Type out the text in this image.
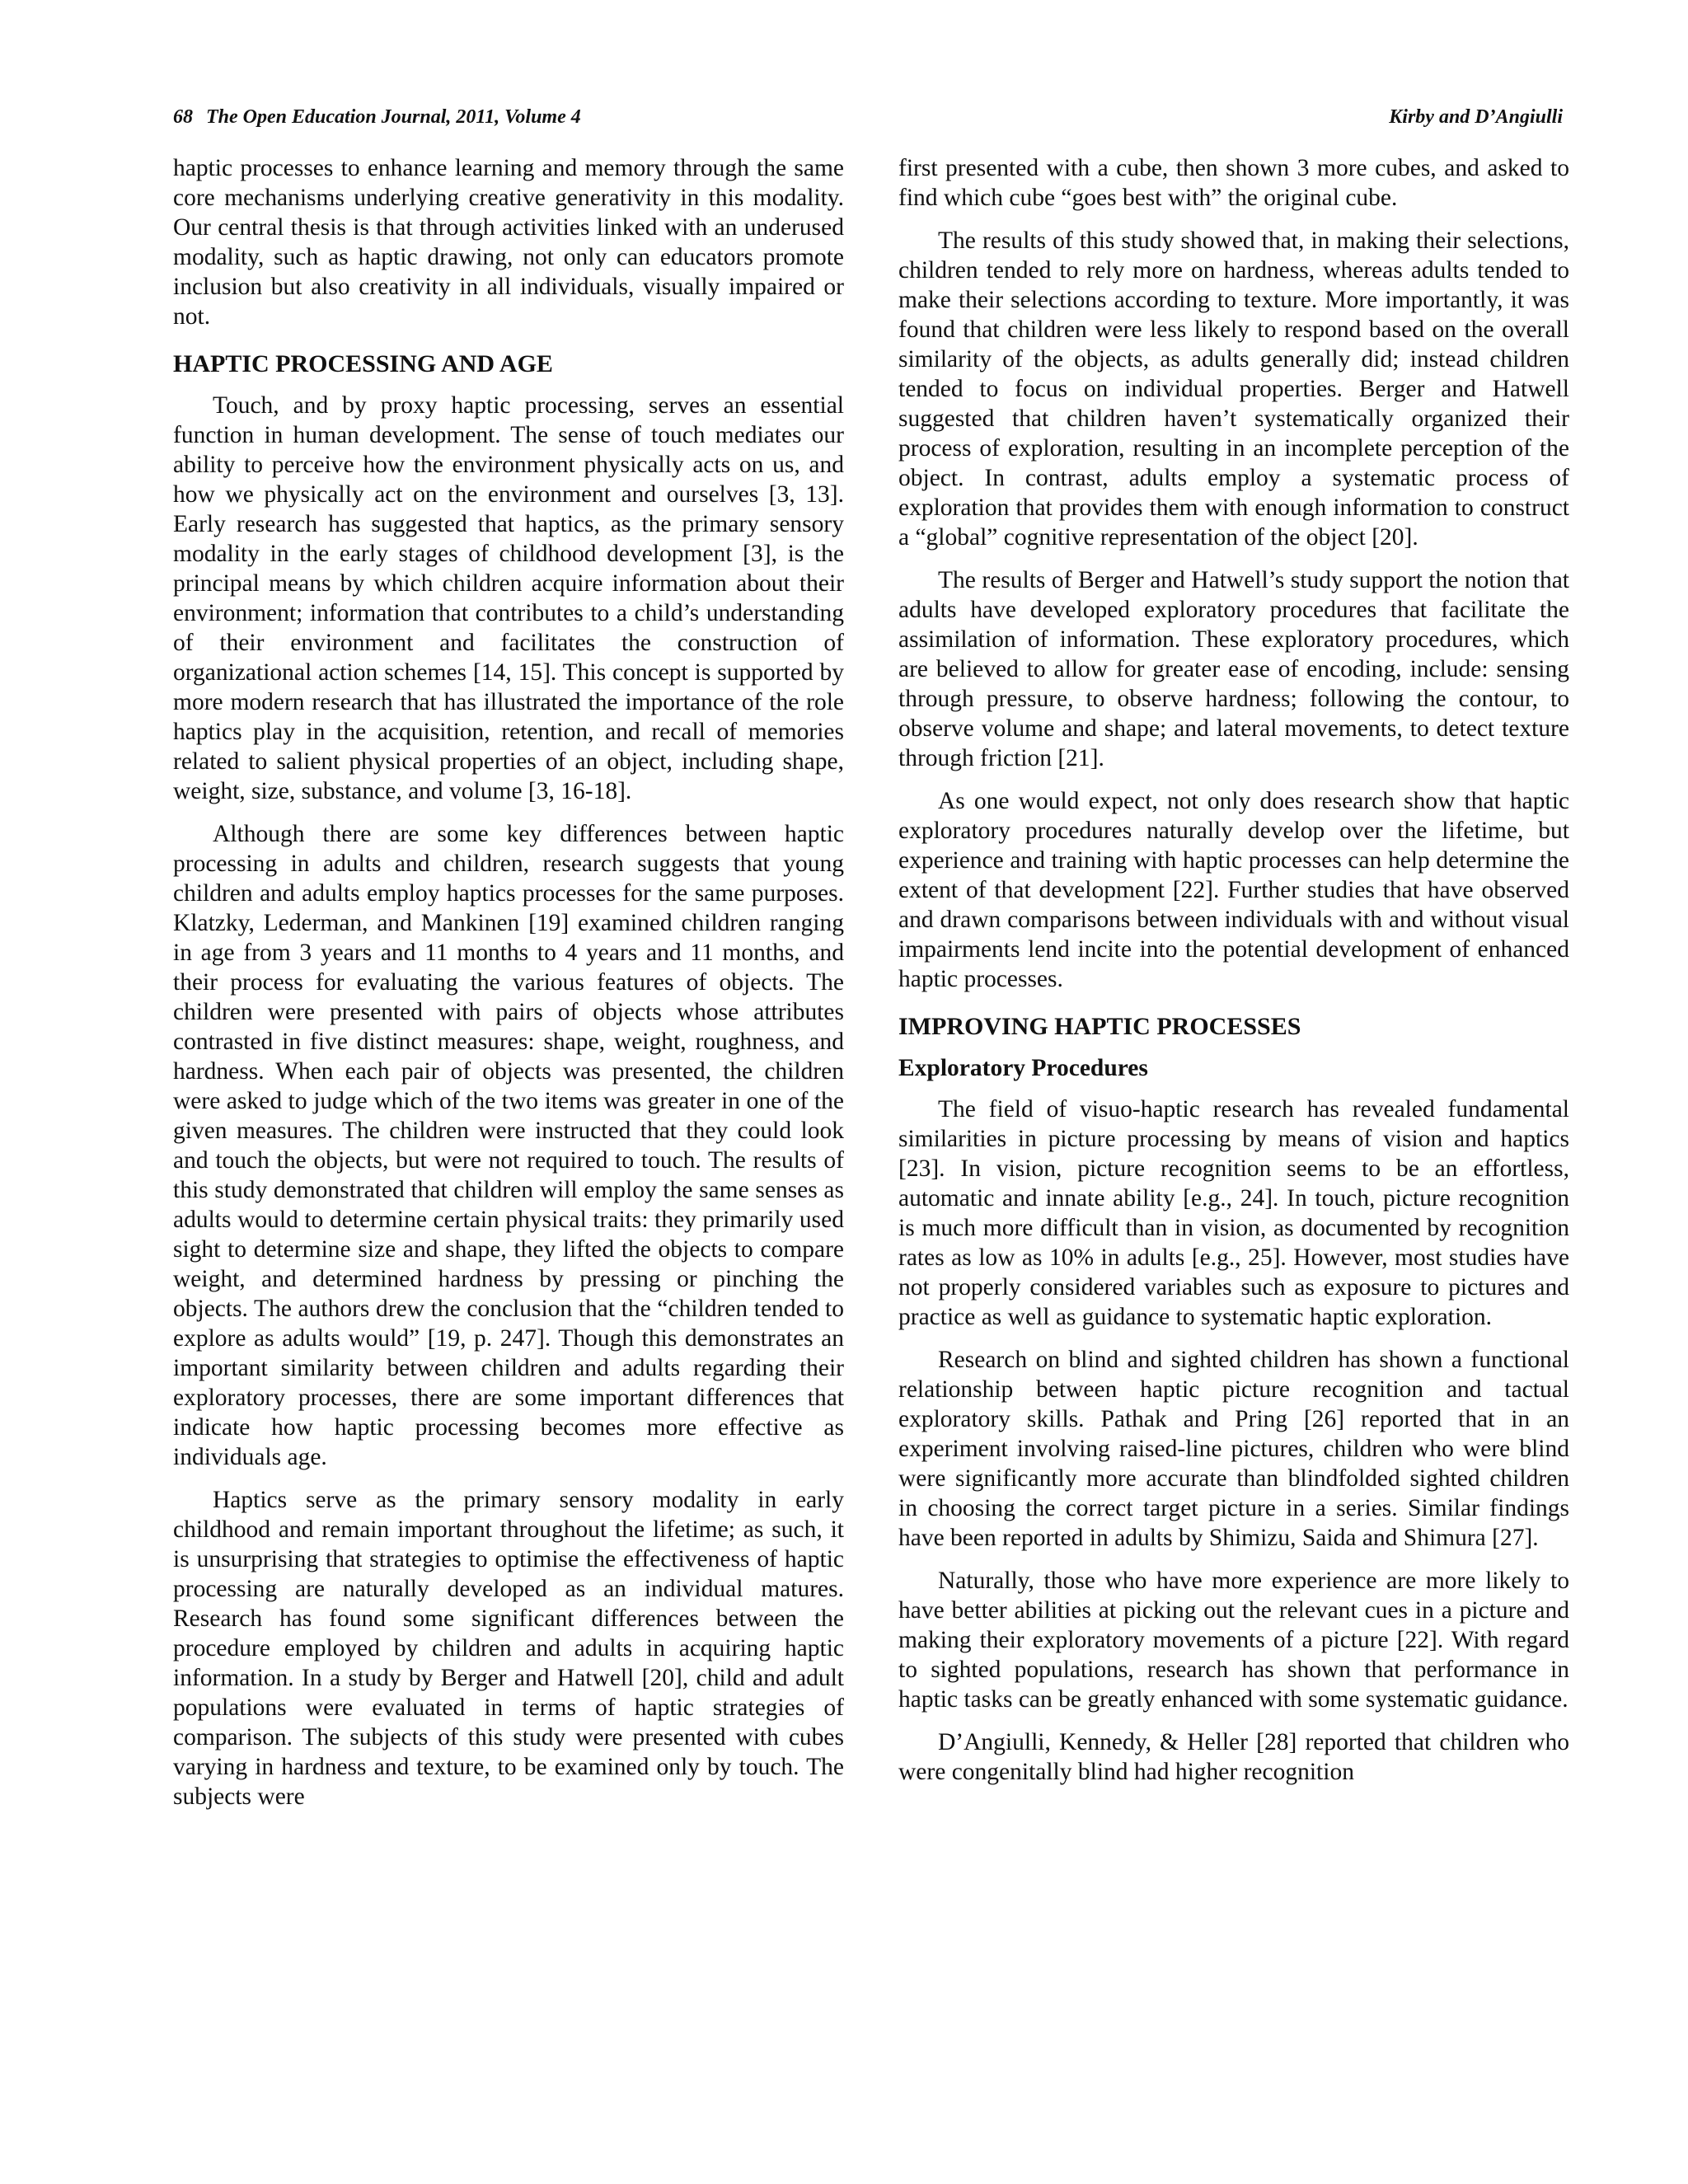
68 The Open Education Journal, 2011, Volume 4	Kirby and D’Angiulli

haptic processes to enhance learning and memory through the same core mechanisms underlying creative generativity in this modality. Our central thesis is that through activities linked with an underused modality, such as haptic drawing, not only can educators promote inclusion but also creativity in all individuals, visually impaired or not.

HAPTIC PROCESSING AND AGE

Touch, and by proxy haptic processing, serves an essential function in human development. The sense of touch mediates our ability to perceive how the environment physically acts on us, and how we physically act on the environment and ourselves [3, 13]. Early research has suggested that haptics, as the primary sensory modality in the early stages of childhood development [3], is the principal means by which children acquire information about their environment; information that contributes to a child’s understanding of their environment and facilitates the construction of organizational action schemes [14, 15]. This concept is supported by more modern research that has illustrated the importance of the role haptics play in the acquisition, retention, and recall of memories related to salient physical properties of an object, including shape, weight, size, substance, and volume [3, 16-18].

Although there are some key differences between haptic processing in adults and children, research suggests that young children and adults employ haptics processes for the same purposes. Klatzky, Lederman, and Mankinen [19] examined children ranging in age from 3 years and 11 months to 4 years and 11 months, and their process for evaluating the various features of objects. The children were presented with pairs of objects whose attributes contrasted in five distinct measures: shape, weight, roughness, and hardness. When each pair of objects was presented, the children were asked to judge which of the two items was greater in one of the given measures. The children were instructed that they could look and touch the objects, but were not required to touch. The results of this study demonstrated that children will employ the same senses as adults would to determine certain physical traits: they primarily used sight to determine size and shape, they lifted the objects to compare weight, and determined hardness by pressing or pinching the objects. The authors drew the conclusion that the “children tended to explore as adults would” [19, p. 247]. Though this demonstrates an important similarity between children and adults regarding their exploratory processes, there are some important differences that indicate how haptic processing becomes more effective as individuals age.

Haptics serve as the primary sensory modality in early childhood and remain important throughout the lifetime; as such, it is unsurprising that strategies to optimise the effectiveness of haptic processing are naturally developed as an individual matures. Research has found some significant differences between the procedure employed by children and adults in acquiring haptic information. In a study by Berger and Hatwell [20], child and adult populations were evaluated in terms of haptic strategies of comparison. The subjects of this study were presented with cubes varying in hardness and texture, to be examined only by touch. The subjects were

first presented with a cube, then shown 3 more cubes, and asked to find which cube “goes best with” the original cube.

The results of this study showed that, in making their selections, children tended to rely more on hardness, whereas adults tended to make their selections according to texture. More importantly, it was found that children were less likely to respond based on the overall similarity of the objects, as adults generally did; instead children tended to focus on individual properties. Berger and Hatwell suggested that children haven’t systematically organized their process of exploration, resulting in an incomplete perception of the object. In contrast, adults employ a systematic process of exploration that provides them with enough information to construct a “global” cognitive representation of the object [20].

The results of Berger and Hatwell’s study support the notion that adults have developed exploratory procedures that facilitate the assimilation of information. These exploratory procedures, which are believed to allow for greater ease of encoding, include: sensing through pressure, to observe hardness; following the contour, to observe volume and shape; and lateral movements, to detect texture through friction [21].

As one would expect, not only does research show that haptic exploratory procedures naturally develop over the lifetime, but experience and training with haptic processes can help determine the extent of that development [22]. Further studies that have observed and drawn comparisons between individuals with and without visual impairments lend incite into the potential development of enhanced haptic processes.

IMPROVING HAPTIC PROCESSES
Exploratory Procedures

The field of visuo-haptic research has revealed fundamental similarities in picture processing by means of vision and haptics [23]. In vision, picture recognition seems to be an effortless, automatic and innate ability [e.g., 24]. In touch, picture recognition is much more difficult than in vision, as documented by recognition rates as low as 10% in adults [e.g., 25]. However, most studies have not properly considered variables such as exposure to pictures and practice as well as guidance to systematic haptic exploration.

Research on blind and sighted children has shown a functional relationship between haptic picture recognition and tactual exploratory skills. Pathak and Pring [26] reported that in an experiment involving raised-line pictures, children who were blind were significantly more accurate than blindfolded sighted children in choosing the correct target picture in a series. Similar findings have been reported in adults by Shimizu, Saida and Shimura [27].

Naturally, those who have more experience are more likely to have better abilities at picking out the relevant cues in a picture and making their exploratory movements of a picture [22]. With regard to sighted populations, research has shown that performance in haptic tasks can be greatly enhanced with some systematic guidance.

D’Angiulli, Kennedy, & Heller [28] reported that children who were congenitally blind had higher recognition
